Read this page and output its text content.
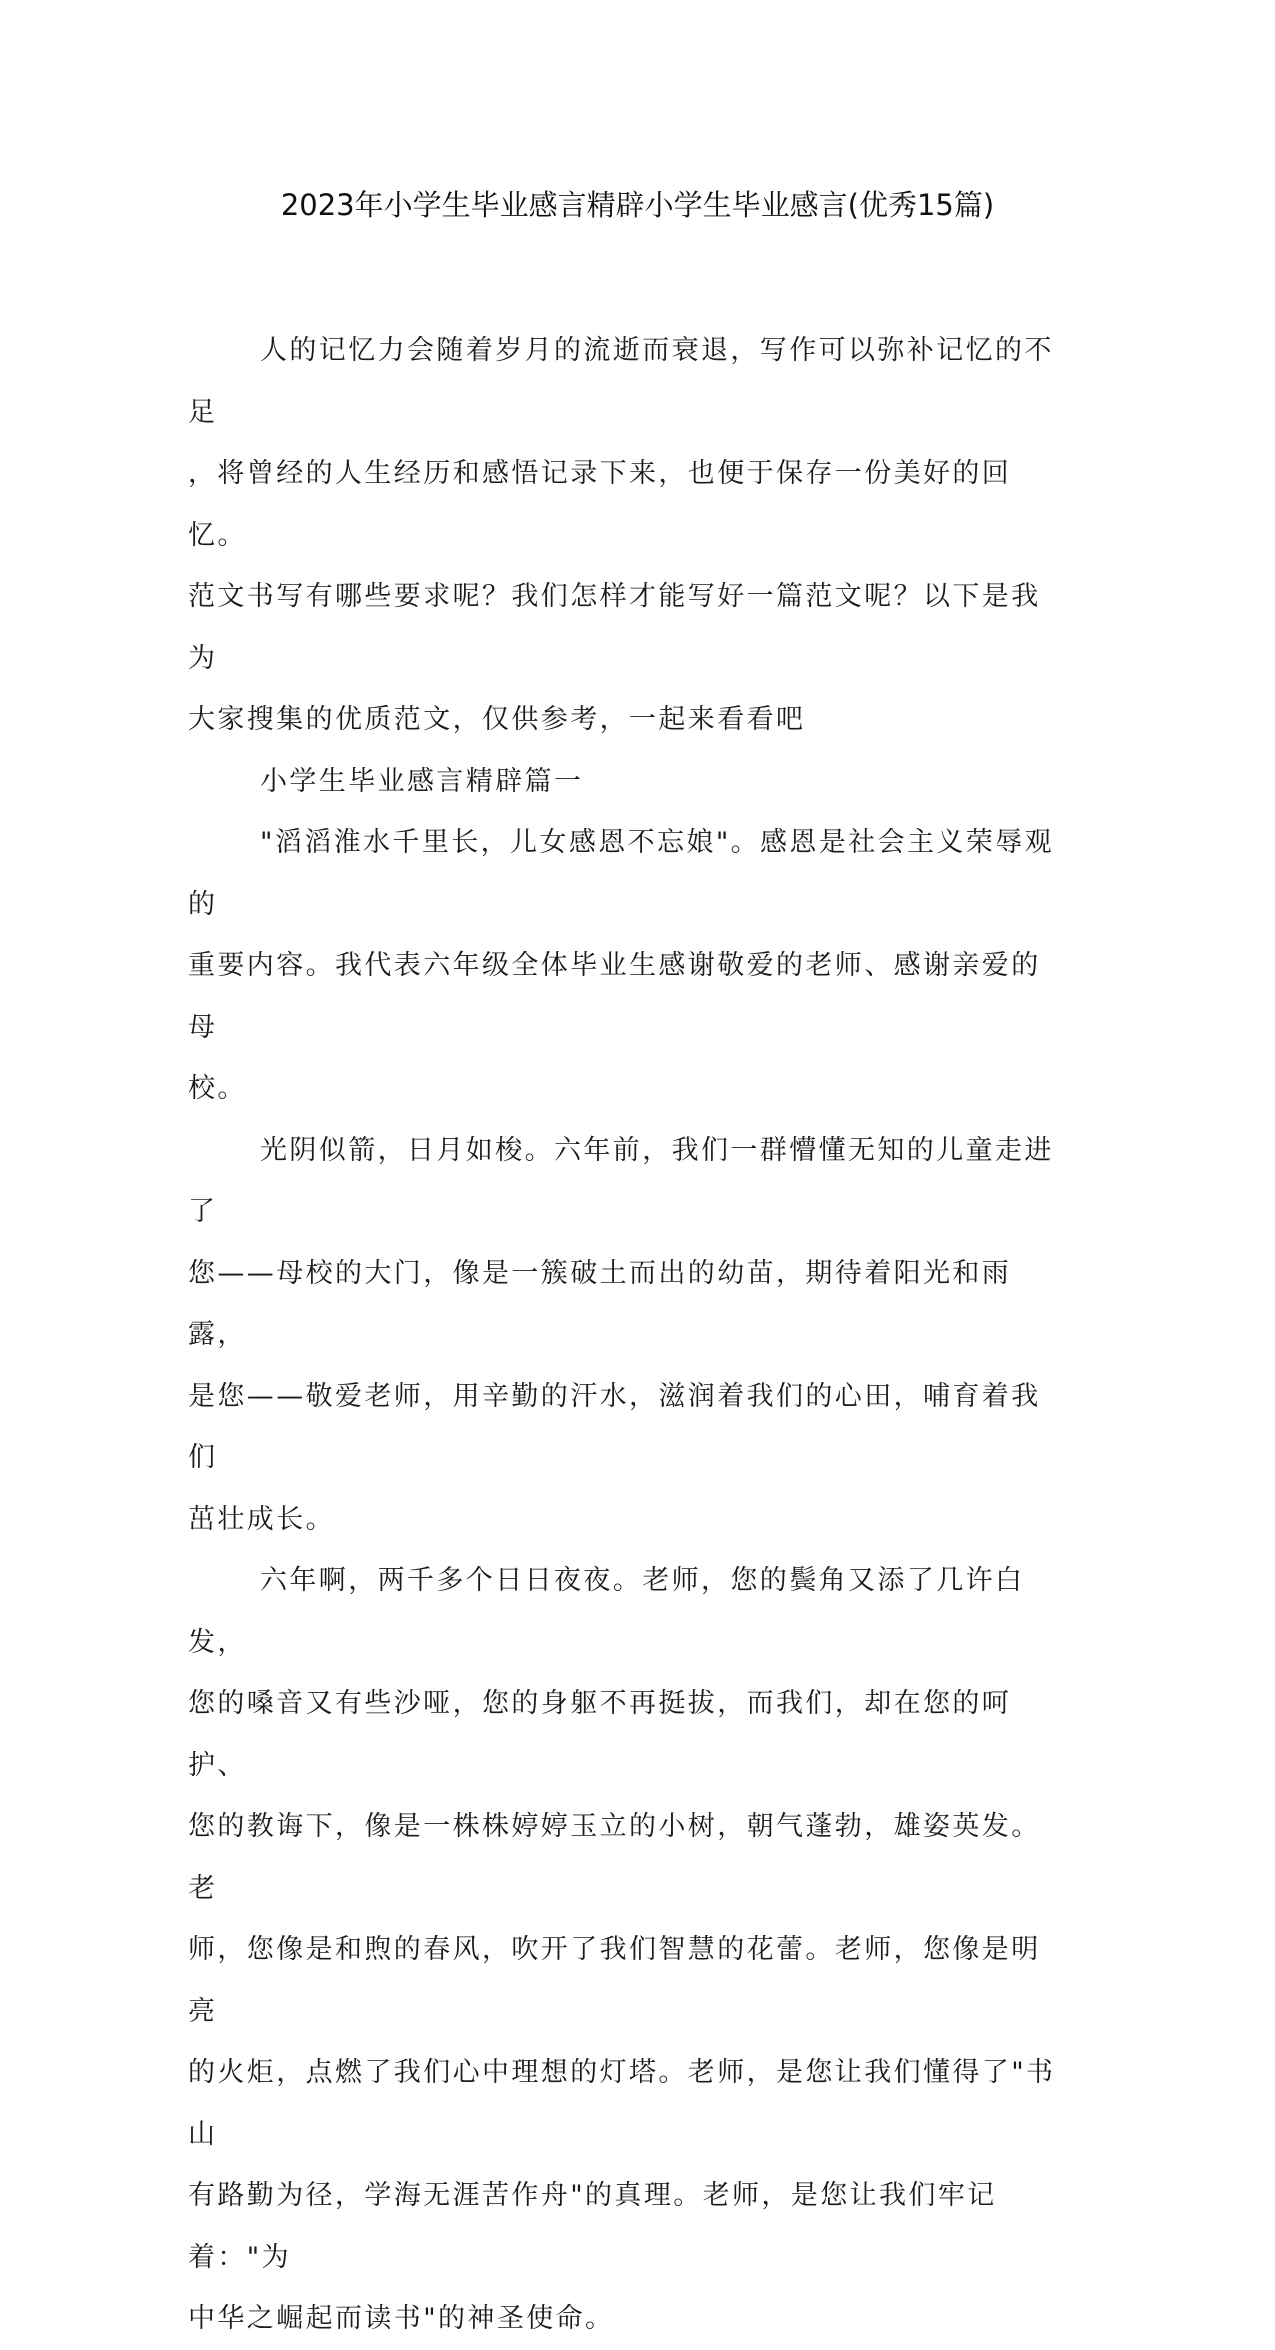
2023年小学生毕业感言精辟小学生毕业感言(优秀15篇)

人的记忆力会随着岁月的流逝而衰退，写作可以弥补记忆的不足
，将曾经的人生经历和感悟记录下来，也便于保存一份美好的回忆。
范文书写有哪些要求呢？我们怎样才能写好一篇范文呢？以下是我为
大家搜集的优质范文，仅供参考，一起来看看吧

小学生毕业感言精辟篇一

"滔滔淮水千里长，儿女感恩不忘娘"。感恩是社会主义荣辱观的
重要内容。我代表六年级全体毕业生感谢敬爱的老师、感谢亲爱的母
校。

光阴似箭，日月如梭。六年前，我们一群懵懂无知的儿童走进了
您——母校的大门，像是一簇破土而出的幼苗，期待着阳光和雨露，
是您——敬爱老师，用辛勤的汗水，滋润着我们的心田，哺育着我们
茁壮成长。

六年啊，两千多个日日夜夜。老师，您的鬓角又添了几许白发，
您的嗓音又有些沙哑，您的身躯不再挺拔，而我们，却在您的呵护、
您的教诲下，像是一株株婷婷玉立的小树，朝气蓬勃，雄姿英发。老
师，您像是和煦的春风，吹开了我们智慧的花蕾。老师，您像是明亮
的火炬，点燃了我们心中理想的灯塔。老师，是您让我们懂得了"书山
有路勤为径，学海无涯苦作舟"的真理。老师，是您让我们牢记着："为
中华之崛起而读书"的神圣使命。
